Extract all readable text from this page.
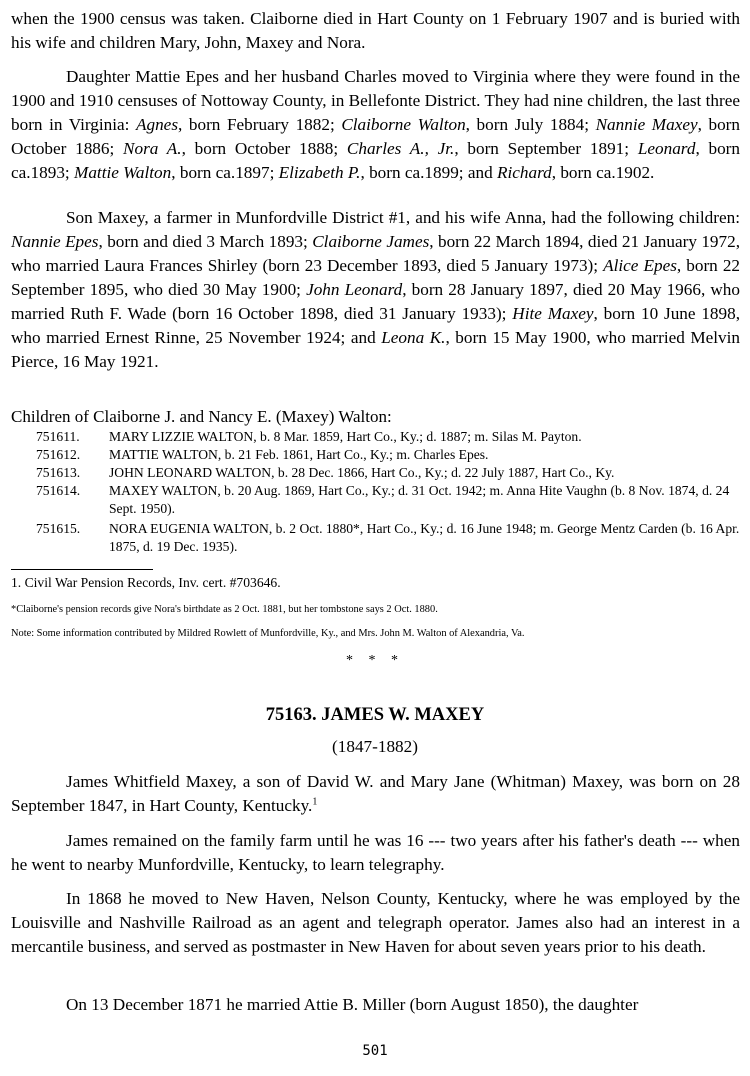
when the 1900 census was taken. Claiborne died in Hart County on 1 February 1907 and is buried with his wife and children Mary, John, Maxey and Nora.

Daughter Mattie Epes and her husband Charles moved to Virginia where they were found in the 1900 and 1910 censuses of Nottoway County, in Bellefonte District. They had nine children, the last three born in Virginia: Agnes, born February 1882; Claiborne Walton, born July 1884; Nannie Maxey, born October 1886; Nora A., born October 1888; Charles A., Jr., born September 1891; Leonard, born ca.1893; Mattie Walton, born ca.1897; Elizabeth P., born ca.1899; and Richard, born ca.1902.

Son Maxey, a farmer in Munfordville District #1, and his wife Anna, had the following children: Nannie Epes, born and died 3 March 1893; Claiborne James, born 22 March 1894, died 21 January 1972, who married Laura Frances Shirley (born 23 December 1893, died 5 January 1973); Alice Epes, born 22 September 1895, who died 30 May 1900; John Leonard, born 28 January 1897, died 20 May 1966, who married Ruth F. Wade (born 16 October 1898, died 31 January 1933); Hite Maxey, born 10 June 1898, who married Ernest Rinne, 25 November 1924; and Leona K., born 15 May 1900, who married Melvin Pierce, 16 May 1921.

Children of Claiborne J. and Nancy E. (Maxey) Walton:
751611.	MARY LIZZIE WALTON, b. 8 Mar. 1859, Hart Co., Ky.; d. 1887; m. Silas M. Payton.
751612.	MATTIE WALTON, b. 21 Feb. 1861, Hart Co., Ky.; m. Charles Epes.
751613.	JOHN LEONARD WALTON, b. 28 Dec. 1866, Hart Co., Ky.; d. 22 July 1887, Hart Co., Ky.
751614.	MAXEY WALTON, b. 20 Aug. 1869, Hart Co., Ky.; d. 31 Oct. 1942; m. Anna Hite Vaughn (b. 8 Nov. 1874, d. 24 Sept. 1950).
751615.	NORA EUGENIA WALTON, b. 2 Oct. 1880*, Hart Co., Ky.; d. 16 June 1948; m. George Mentz Carden (b. 16 Apr. 1875, d. 19 Dec. 1935).
1. Civil War Pension Records, Inv. cert. #703646.
*Claiborne's pension records give Nora's birthdate as 2 Oct. 1881, but her tombstone says 2 Oct. 1880.
Note: Some information contributed by Mildred Rowlett of Munfordville, Ky., and Mrs. John M. Walton of Alexandria, Va.
* * *
75163. JAMES W. MAXEY
(1847-1882)

James Whitfield Maxey, a son of David W. and Mary Jane (Whitman) Maxey, was born on 28 September 1847, in Hart County, Kentucky.$^1$

James remained on the family farm until he was 16 --- two years after his father's death --- when he went to nearby Munfordville, Kentucky, to learn telegraphy.

In 1868 he moved to New Haven, Nelson County, Kentucky, where he was employed by the Louisville and Nashville Railroad as an agent and telegraph operator. James also had an interest in a mercantile business, and served as postmaster in New Haven for about seven years prior to his death.

On 13 December 1871 he married Attie B. Miller (born August 1850), the daughter

501
